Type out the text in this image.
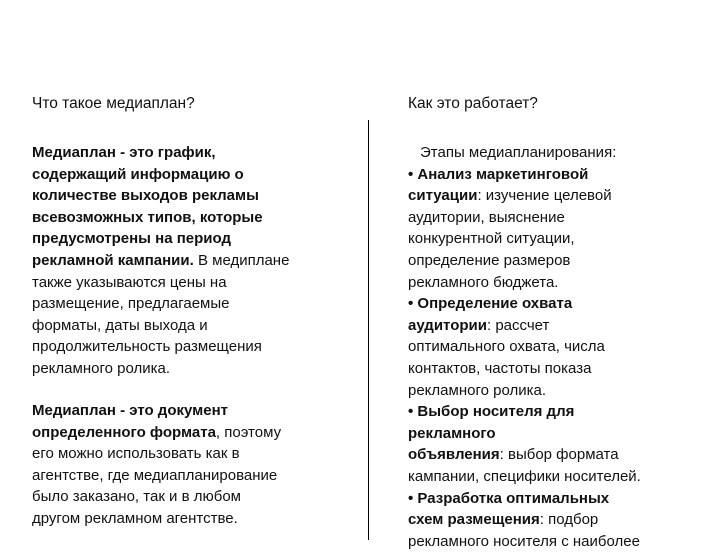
Что такое медиаплан?	Как это работает?

Медиаплан - это график,
содержащий информацию о
количестве выходов рекламы
всевозможных типов, которые
предусмотрены на период
рекламной кампании. В медиплане
также указываются цены на
размещение, предлагаемые
форматы, даты выхода и
продолжительность размещения
рекламного ролика.

Медиаплан - это документ
определенного формата, поэтому
его можно использовать как в
агентстве, где медиапланирование
было заказано, так и в любом
другом рекламном агентстве.

Этапы медиапланирования:
• Анализ маркетинговой
ситуации: изучение целевой
аудитории, выяснение
конкурентной ситуации,
определение размеров
рекламного бюджета.
• Определение охвата
аудитории: рассчет
оптимального охвата, числа
контактов, частоты показа
рекламного ролика.
• Выбор носителя для
рекламного
объявления: выбор формата
кампании, специфики носителей.
• Разработка оптимальных
схем размещения: подбор
рекламного носителя с наиболее
